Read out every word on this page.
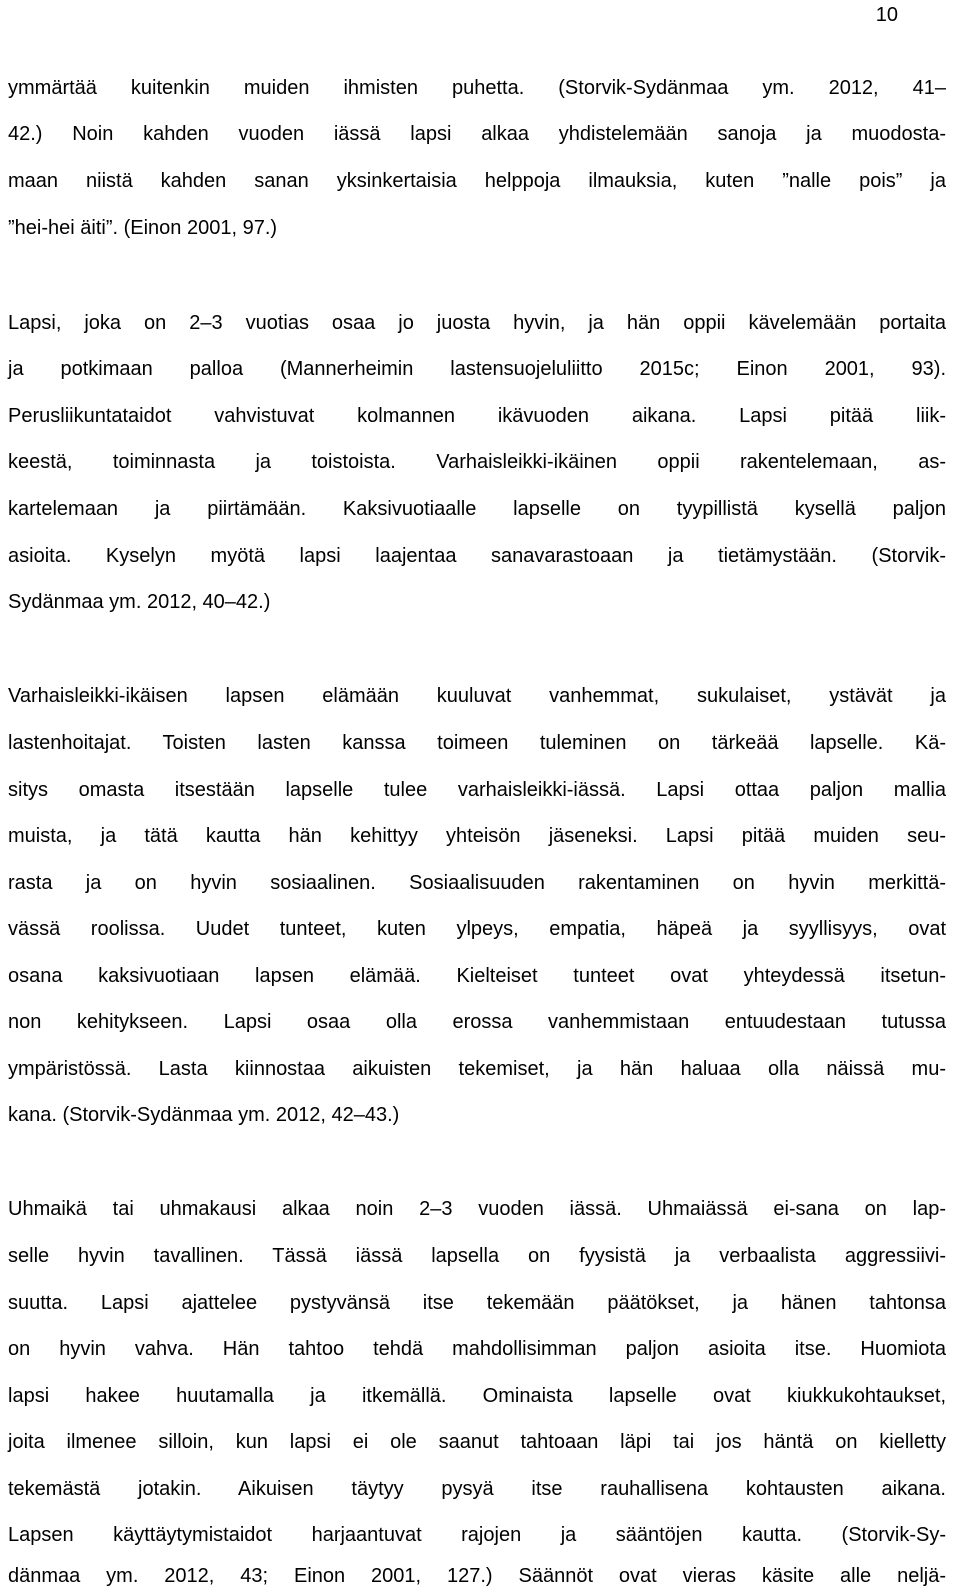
10
ymmärtää kuitenkin muiden ihmisten puhetta. (Storvik-Sydänmaa ym. 2012, 41–
42.) Noin kahden vuoden iässä lapsi alkaa yhdistelemään sanoja ja muodosta-
maan niistä kahden sanan yksinkertaisia helppoja ilmauksia, kuten ”nalle pois” ja
”hei-hei äiti”. (Einon 2001, 97.)
Lapsi, joka on 2–3 vuotias osaa jo juosta hyvin, ja hän oppii kävelemään portaita
ja potkimaan palloa (Mannerheimin lastensuojeluliitto 2015c; Einon 2001, 93).
Perusliikuntataidot vahvistuvat kolmannen ikävuoden aikana. Lapsi pitää liik-
keestä, toiminnasta ja toistoista. Varhaisleikki-ikäinen oppii rakentelemaan, as-
kartelemaan ja piirtämään. Kaksivuotiaalle lapselle on tyypillistä kysellä paljon
asioita. Kyselyn myötä lapsi laajentaa sanavarastoaan ja tietämystään. (Storvik-
Sydänmaa ym. 2012, 40–42.)
Varhaisleikki-ikäisen lapsen elämään kuuluvat vanhemmat, sukulaiset, ystävät ja
lastenhoitajat. Toisten lasten kanssa toimeen tuleminen on tärkeää lapselle. Kä-
sitys omasta itsestään lapselle tulee varhaisleikki-iässä. Lapsi ottaa paljon mallia
muista, ja tätä kautta hän kehittyy yhteisön jäseneksi. Lapsi pitää muiden seu-
rasta ja on hyvin sosiaalinen. Sosiaalisuuden rakentaminen on hyvin merkittä-
vässä roolissa. Uudet tunteet, kuten ylpeys, empatia, häpeä ja syyllisyys, ovat
osana kaksivuotiaan lapsen elämää. Kielteiset tunteet ovat yhteydessä itsetun-
non kehitykseen. Lapsi osaa olla erossa vanhemmistaan entuudestaan tutussa
ympäristössä. Lasta kiinnostaa aikuisten tekemiset, ja hän haluaa olla näissä mu-
kana. (Storvik-Sydänmaa ym. 2012, 42–43.)
Uhmaikä tai uhmakausi alkaa noin 2–3 vuoden iässä. Uhmaiässä ei-sana on lap-
selle hyvin tavallinen. Tässä iässä lapsella on fyysistä ja verbaalista aggressiivi-
suutta. Lapsi ajattelee pystyvänsä itse tekemään päätökset, ja hänen tahtonsa
on hyvin vahva. Hän tahtoo tehdä mahdollisimman paljon asioita itse. Huomiota
lapsi hakee huutamalla ja itkemällä. Ominaista lapselle ovat kiukkukohtaukset,
joita ilmenee silloin, kun lapsi ei ole saanut tahtoaan läpi tai jos häntä on kielletty
tekemästä jotakin. Aikuisen täytyy pysyä itse rauhallisena kohtausten aikana.
Lapsen käyttäytymistaidot harjaantuvat rajojen ja sääntöjen kautta. (Storvik-Sy-
dänmaa ym. 2012, 43; Einon 2001, 127.) Säännöt ovat vieras käsite alle neljä-
